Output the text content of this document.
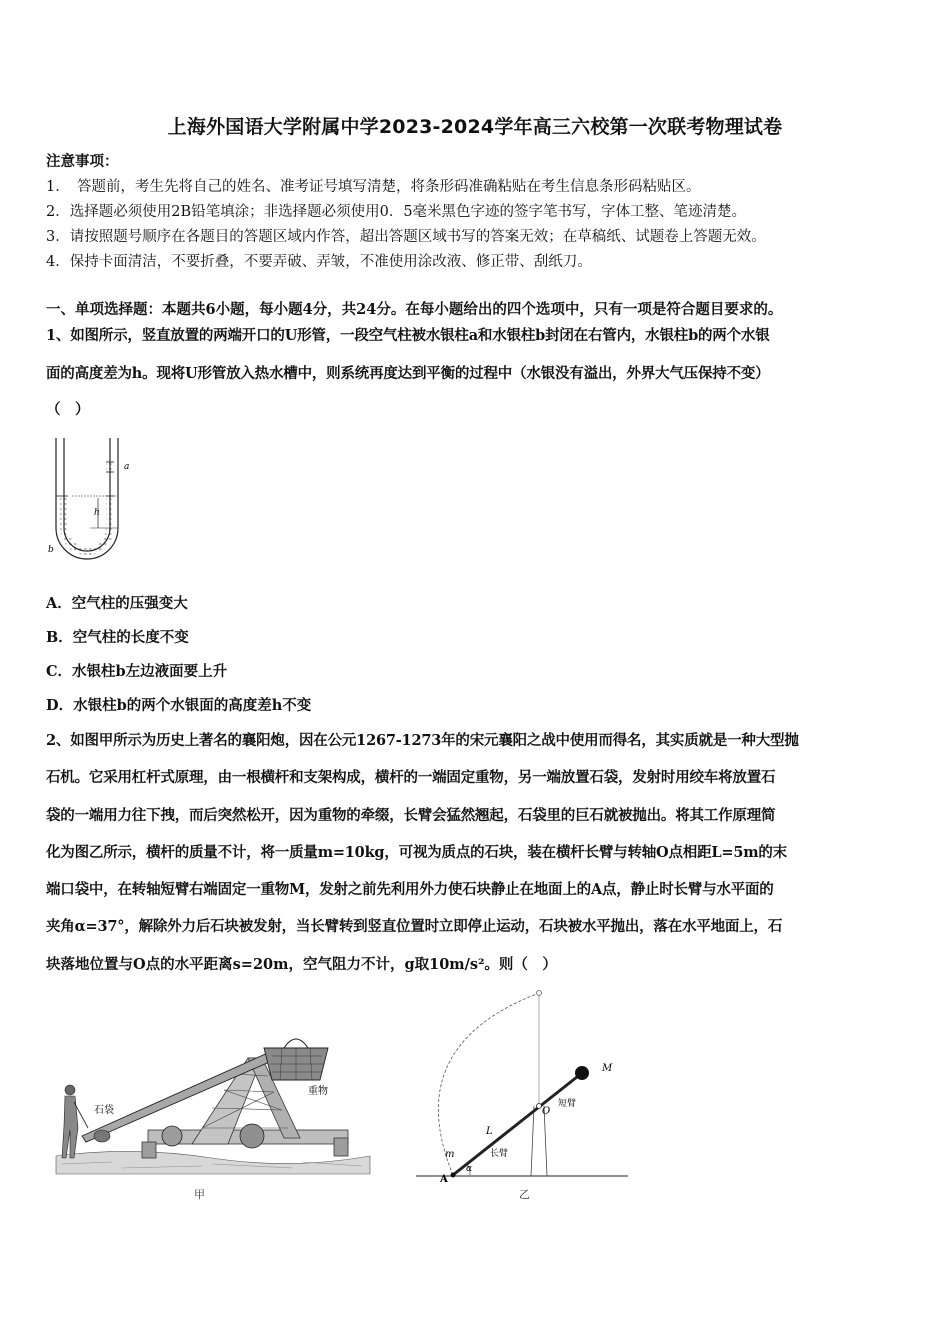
上海外国语大学附属中学2023-2024学年高三六校第一次联考物理试卷
注意事项：
1．　答题前，考生先将自己的姓名、准考证号填写清楚，将条形码准确粘贴在考生信息条形码粘贴区。
2．选择题必须使用2B铅笔填涂；非选择题必须使用0．5毫米黑色字迹的签字笔书写，字体工整、笔迹清楚。
3．请按照题号顺序在各题目的答题区域内作答，超出答题区域书写的答案无效；在草稿纸、试题卷上答题无效。
4．保持卡面清洁，不要折叠，不要弄破、弄皱，不准使用涂改液、修正带、刮纸刀。
一、单项选择题：本题共6小题，每小题4分，共24分。在每小题给出的四个选项中，只有一项是符合题目要求的。
1、如图所示，竖直放置的两端开口的U形管，一段空气柱被水银柱a和水银柱b封闭在右管内，水银柱b的两个水银
面的高度差为h。现将U形管放入热水槽中，则系统再度达到平衡的过程中（水银没有溢出，外界大气压保持不变）
（　）
h
a
b
A．空气柱的压强变大
B．空气柱的长度不变
C．水银柱b左边液面要上升
D．水银柱b的两个水银面的高度差h不变
2、如图甲所示为历史上著名的襄阳炮，因在公元1267-1273年的宋元襄阳之战中使用而得名，其实质就是一种大型抛
石机。它采用杠杆式原理，由一根横杆和支架构成，横杆的一端固定重物，另一端放置石袋，发射时用绞车将放置石
袋的一端用力往下拽，而后突然松开，因为重物的牵缀，长臂会猛然翘起，石袋里的巨石就被抛出。将其工作原理简
化为图乙所示，横杆的质量不计，将一质量m=10kg，可视为质点的石块，装在横杆长臂与转轴O点相距L=5m的末
端口袋中，在转轴短臂右端固定一重物M，发射之前先利用外力使石块静止在地面上的A点，静止时长臂与水平面的
夹角α=37°，解除外力后石块被发射，当长臂转到竖直位置时立即停止运动，石块被水平抛出，落在水平地面上，石
块落地位置与O点的水平距离s=20m，空气阻力不计，g取10m/s²。则（　）
石袋
重物
甲
M
O
短臂
L
长臂
m
α
A
乙
